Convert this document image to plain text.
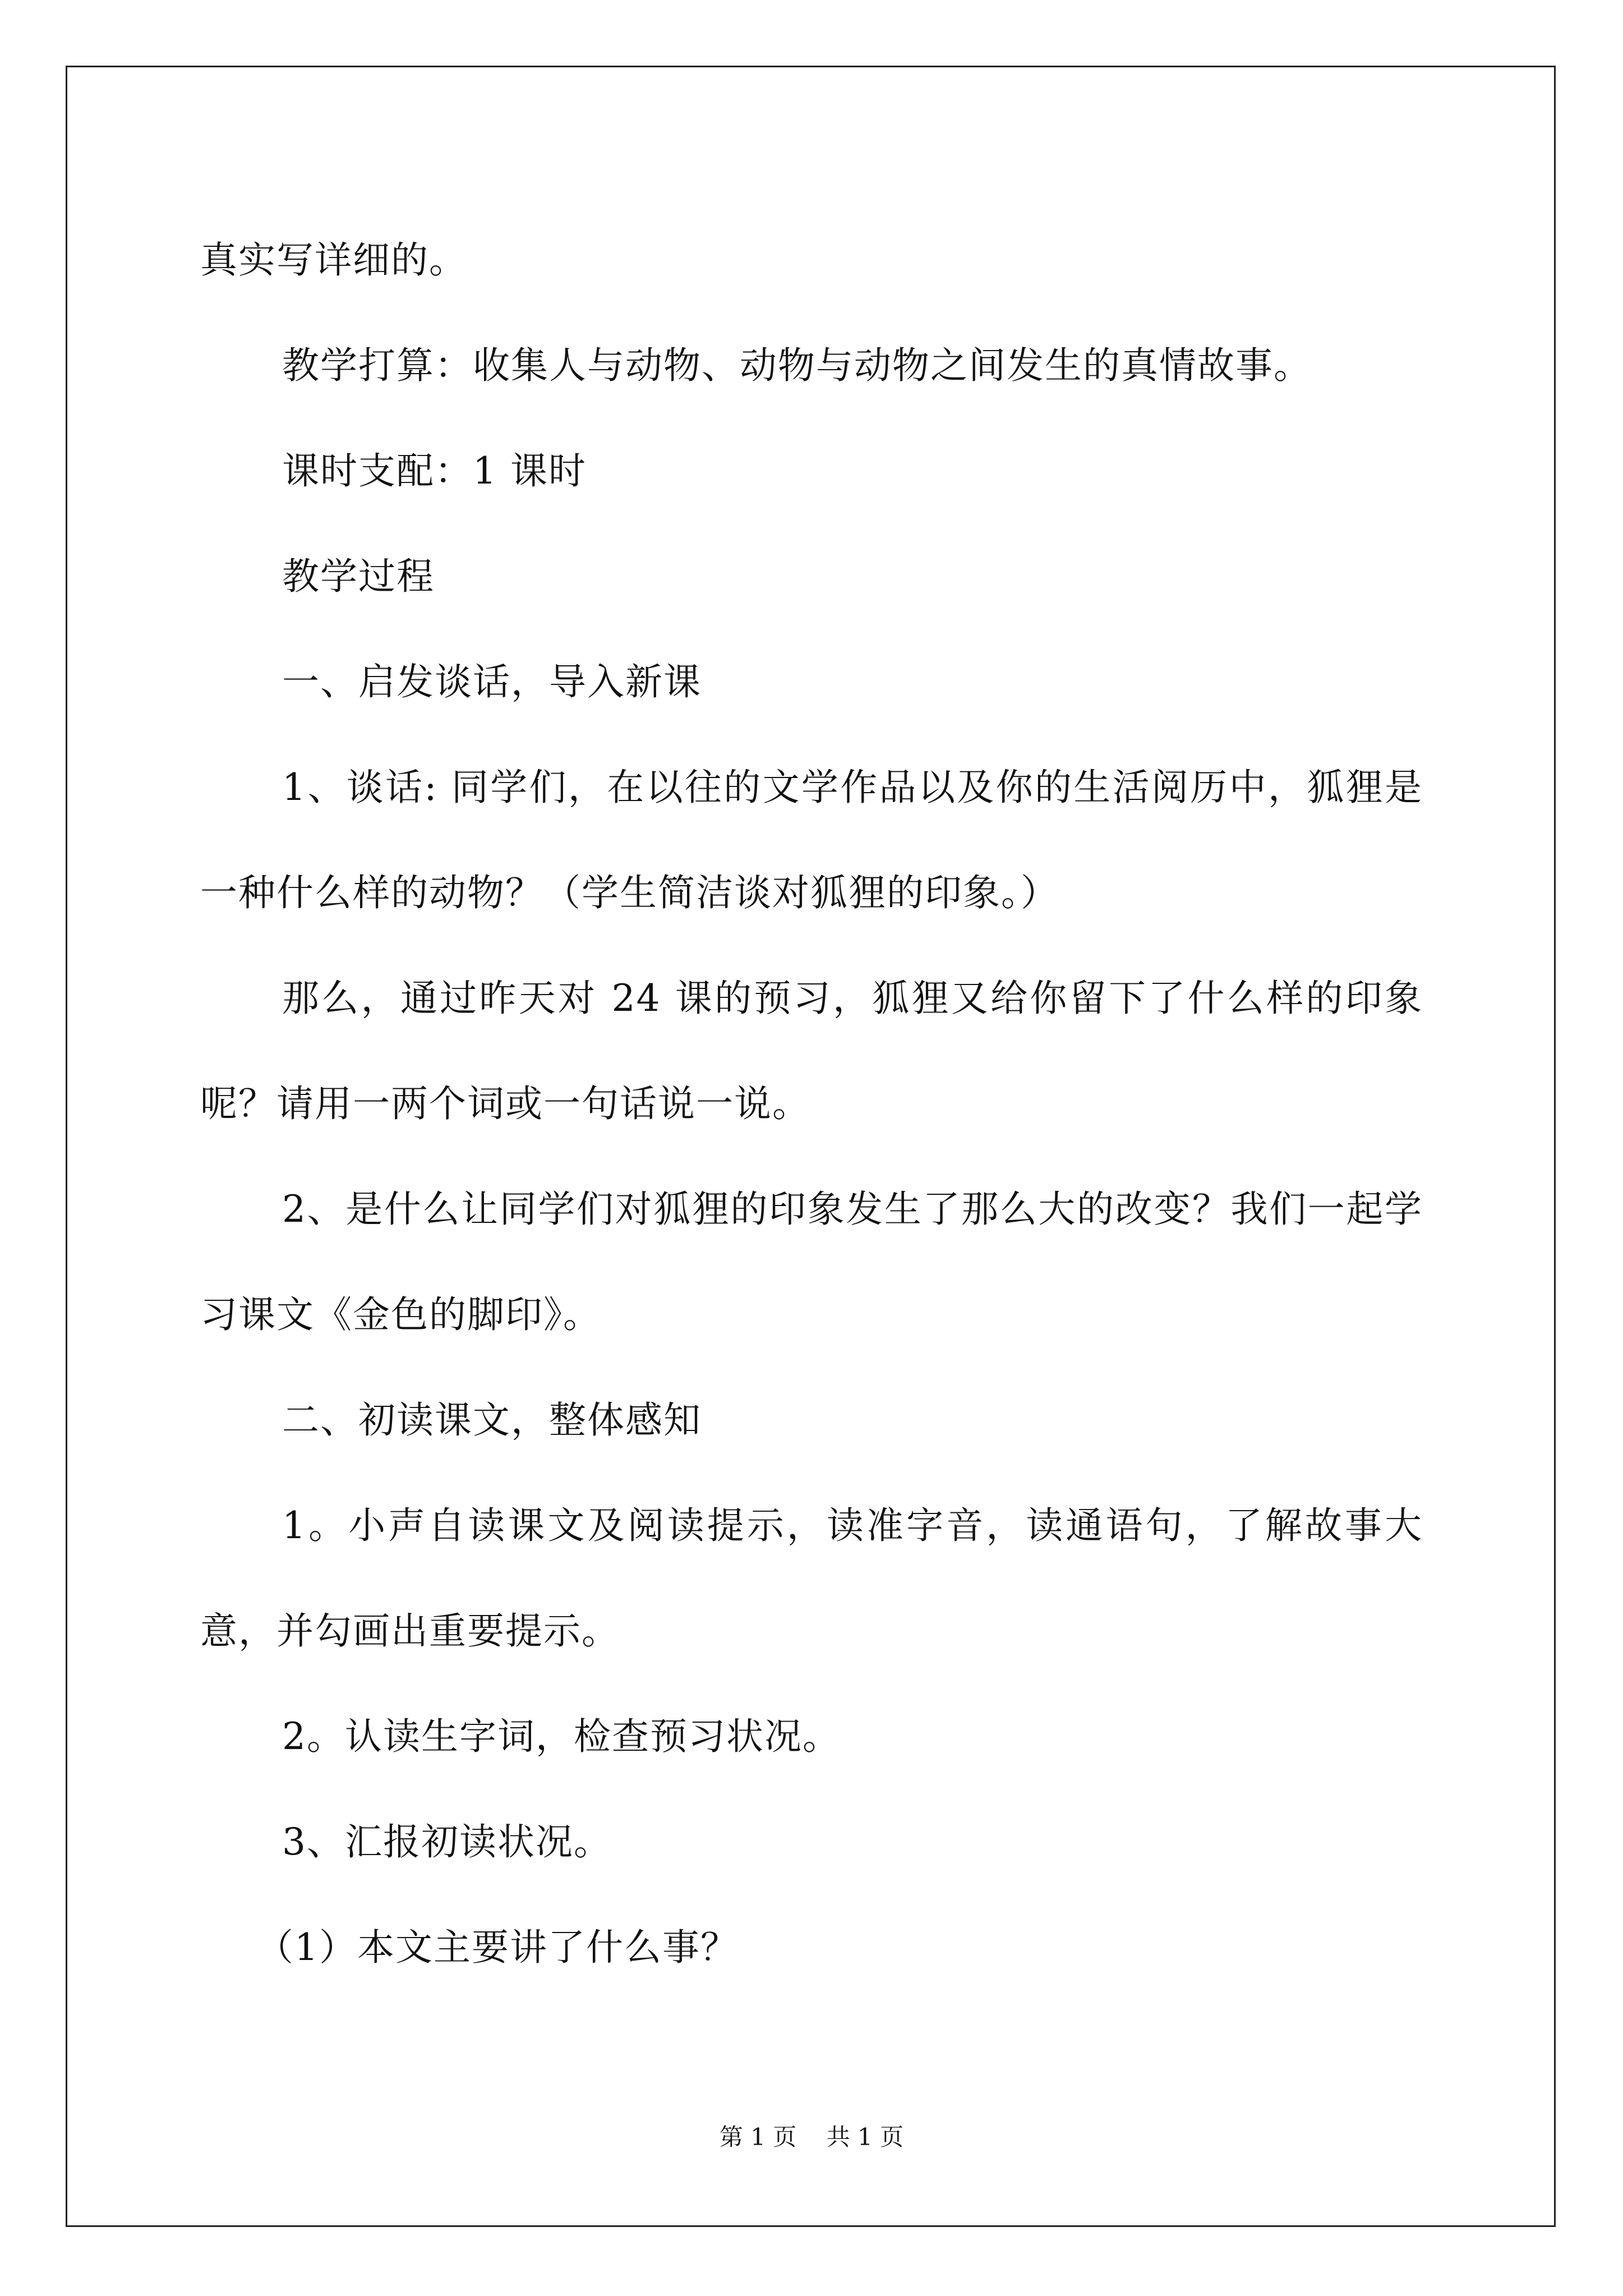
真实写详细的。

教学打算：收集人与动物、动物与动物之间发生的真情故事。

课时支配：1 课时

教学过程

一、启发谈话，导入新课

1、谈话: 同学们，在以往的文学作品以及你的生活阅历中，狐狸是一种什么样的动物？（学生简洁谈对狐狸的印象。）

那么，通过昨天对 24 课的预习，狐狸又给你留下了什么样的印象呢？请用一两个词或一句话说一说。

2、是什么让同学们对狐狸的印象发生了那么大的改变？我们一起学习课文《金色的脚印》。

二、初读课文，整体感知

1。小声自读课文及阅读提示，读准字音，读通语句，了解故事大意，并勾画出重要提示。

2。认读生字词，检查预习状况。

3、汇报初读状况。

（1）本文主要讲了什么事？

第 1 页 共 1 页
